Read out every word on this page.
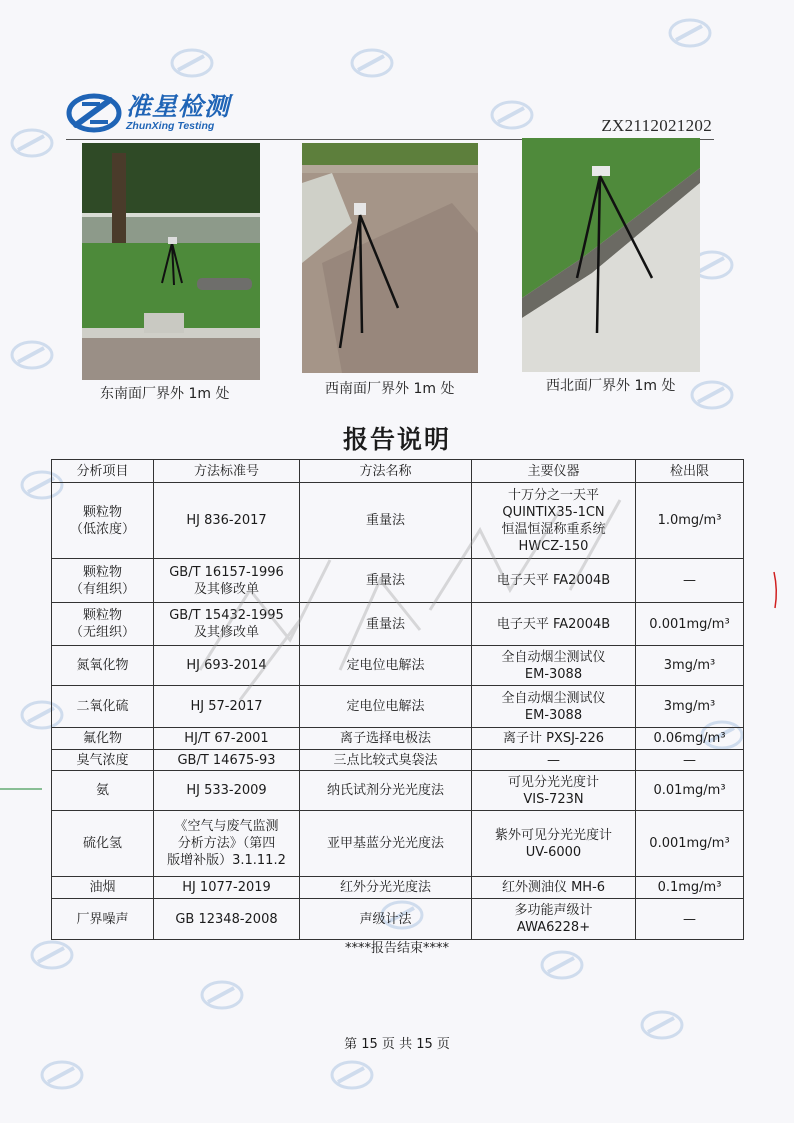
准星检测
ZhunXing Testing	ZX2112021202
东南面厂界外 1m 处	西南面厂界外 1m 处	西北面厂界外 1m 处
报告说明
分析项目	方法标准号	方法名称	主要仪器	检出限
颗粒物
（低浓度）	HJ 836-2017	重量法	十万分之一天平
QUINTIX35-1CN
恒温恒湿称重系统
HWCZ-150	1.0mg/m³
颗粒物
（有组织）	GB/T 16157-1996
及其修改单	重量法	电子天平 FA2004B	—
颗粒物
（无组织）	GB/T 15432-1995
及其修改单	重量法	电子天平 FA2004B	0.001mg/m³
氮氧化物	HJ 693-2014	定电位电解法	全自动烟尘测试仪
EM-3088	3mg/m³
二氧化硫	HJ 57-2017	定电位电解法	全自动烟尘测试仪
EM-3088	3mg/m³
氟化物	HJ/T 67-2001	离子选择电极法	离子计 PXSJ-226	0.06mg/m³
臭气浓度	GB/T 14675-93	三点比较式臭袋法	—	—
氨	HJ 533-2009	纳氏试剂分光光度法	可见分光光度计
VIS-723N	0.01mg/m³
硫化氢	《空气与废气监测
分析方法》（第四
版增补版）3.1.11.2	亚甲基蓝分光光度法	紫外可见分光光度计
UV-6000	0.001mg/m³
油烟	HJ 1077-2019	红外分光光度法	红外测油仪 MH-6	0.1mg/m³
厂界噪声	GB 12348-2008	声级计法	多功能声级计
AWA6228+	—
****报告结束****
第 15 页 共 15 页
